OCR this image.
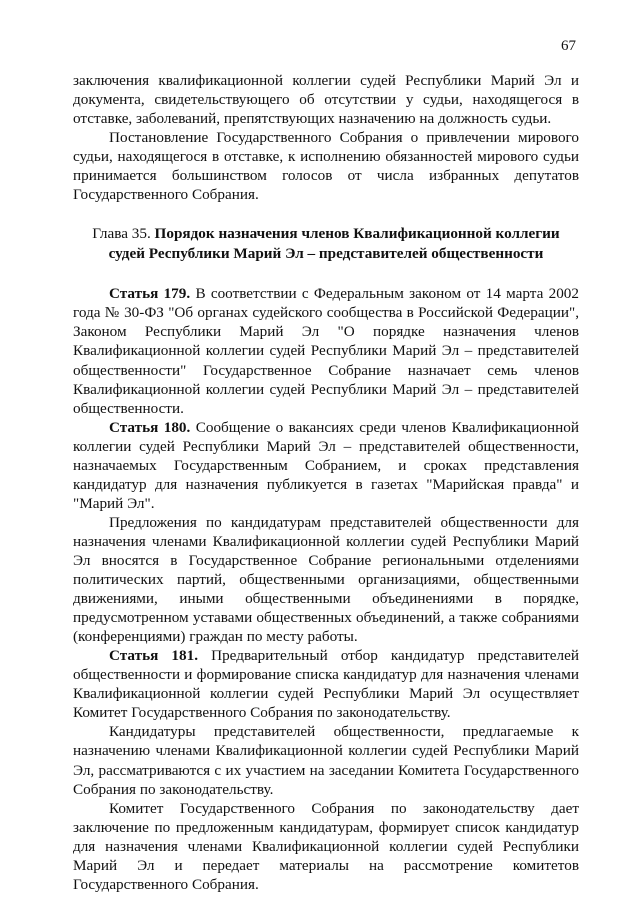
67

заключения квалификационной коллегии судей Республики Марий Эл и документа, свидетельствующего об отсутствии у судьи, находящегося в отставке, заболеваний, препятствующих назначению на должность судьи.

Постановление Государственного Собрания о привлечении мирового судьи, находящегося в отставке, к исполнению обязанностей мирового судьи принимается большинством голосов от числа избранных депутатов Государственного Собрания.

Глава 35. Порядок назначения членов Квалификационной коллегии
судей Республики Марий Эл – представителей общественности

Статья 179. В соответствии с Федеральным законом от 14 марта 2002 года № 30-ФЗ "Об органах судейского сообщества в Российской Федерации", Законом Республики Марий Эл "О порядке назначения членов Квалификационной коллегии судей Республики Марий Эл – представителей общественности" Государственное Собрание назначает семь членов Квалификационной коллегии судей Республики Марий Эл – представителей общественности.

Статья 180. Сообщение о вакансиях среди членов Квалификационной коллегии судей Республики Марий Эл – представителей общественности, назначаемых Государственным Собранием, и сроках представления кандидатур для назначения публикуется в газетах "Марийская правда" и "Марий Эл".

Предложения по кандидатурам представителей общественности для назначения членами Квалификационной коллегии судей Республики Марий Эл вносятся в Государственное Собрание региональными отделениями политических партий, общественными организациями, общественными движениями, иными общественными объединениями в порядке, предусмотренном уставами общественных объединений, а также собраниями (конференциями) граждан по месту работы.

Статья 181. Предварительный отбор кандидатур представителей общественности и формирование списка кандидатур для назначения членами Квалификационной коллегии судей Республики Марий Эл осуществляет Комитет Государственного Собрания по законодательству.

Кандидатуры представителей общественности, предлагаемые к назначению членами Квалификационной коллегии судей Республики Марий Эл, рассматриваются с их участием на заседании Комитета Государственного Собрания по законодательству.

Комитет Государственного Собрания по законодательству дает заключение по предложенным кандидатурам, формирует список кандидатур для назначения членами Квалификационной коллегии судей Республики Марий Эл и передает материалы на рассмотрение комитетов Государственного Собрания.
